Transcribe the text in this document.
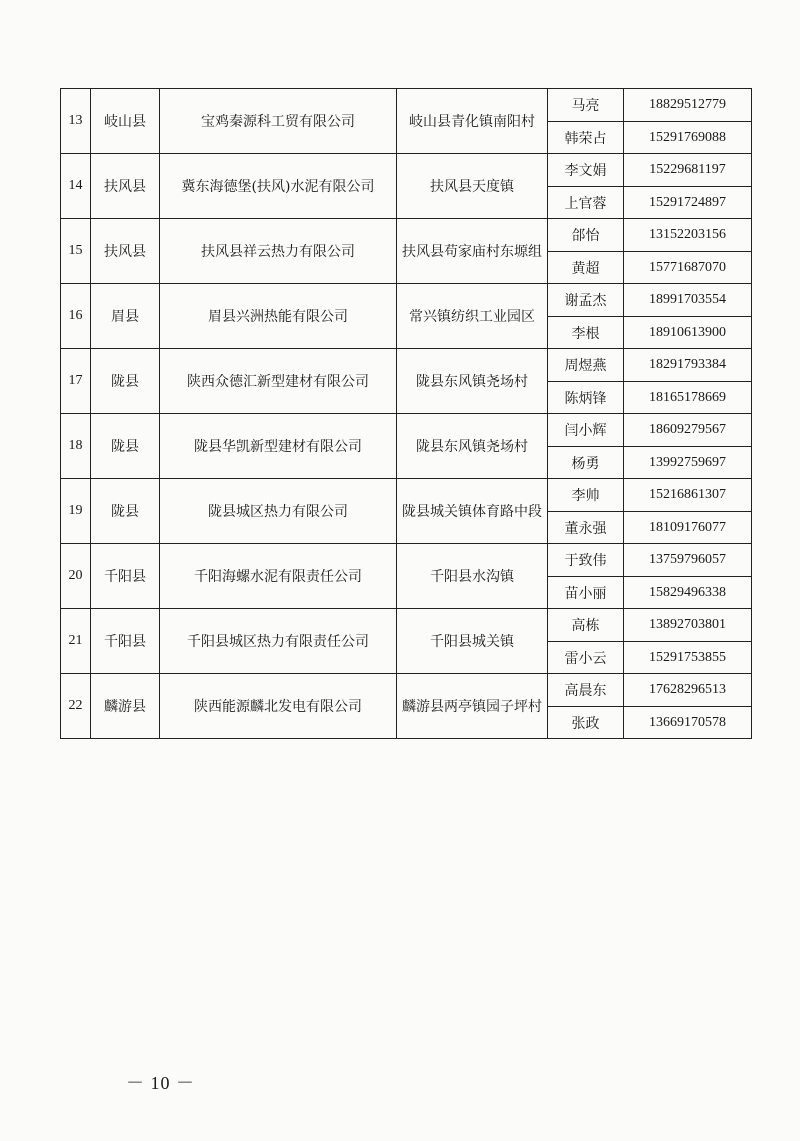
13	岐山县	宝鸡秦源科工贸有限公司	岐山县青化镇南阳村	马亮	18829512779
				韩荣占	15291769088
14	扶风县	冀东海德堡(扶风)水泥有限公司	扶风县天度镇	李文娟	15229681197
				上官蓉	15291724897
15	扶风县	扶风县祥云热力有限公司	扶风县苟家庙村东塬组	郃怡	13152203156
				黄超	15771687070
16	眉县	眉县兴洲热能有限公司	常兴镇纺织工业园区	谢孟杰	18991703554
				李根	18910613900
17	陇县	陕西众德汇新型建材有限公司	陇县东风镇尧场村	周煜燕	18291793384
				陈炳锋	18165178669
18	陇县	陇县华凯新型建材有限公司	陇县东风镇尧场村	闫小辉	18609279567
				杨勇	13992759697
19	陇县	陇县城区热力有限公司	陇县城关镇体育路中段	李帅	15216861307
				董永强	18109176077
20	千阳县	千阳海螺水泥有限责任公司	千阳县水沟镇	于致伟	13759796057
				苗小丽	15829496338
21	千阳县	千阳县城区热力有限责任公司	千阳县城关镇	高栋	13892703801
				雷小云	15291753855
22	麟游县	陕西能源麟北发电有限公司	麟游县两亭镇园子坪村	高晨东	17628296513
				张政	13669170578
－ 10 －
